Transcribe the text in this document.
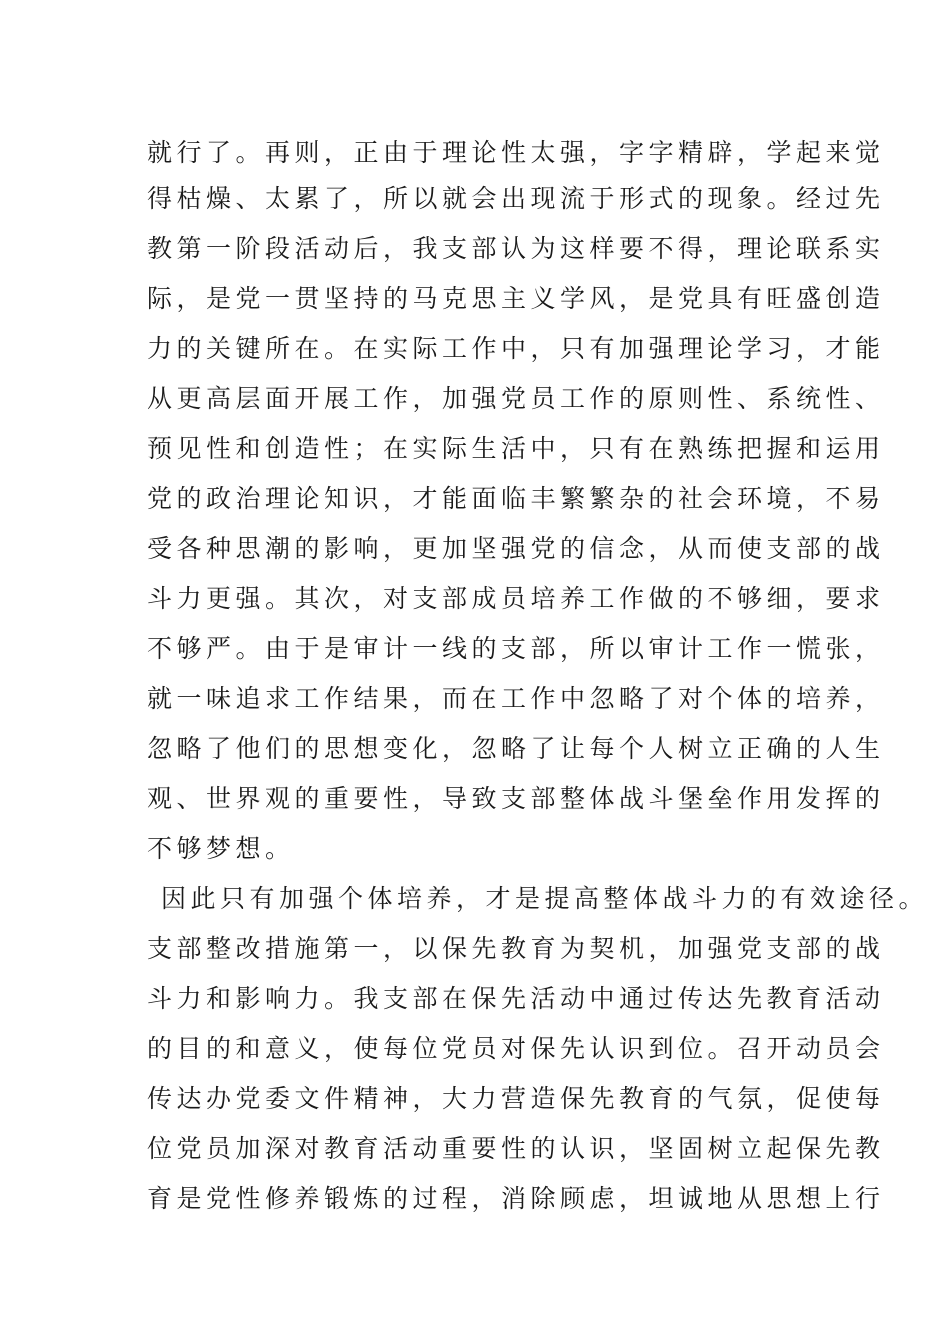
就行了。再则，正由于理论性太强，字字精辟，学起来觉
得枯燥、太累了，所以就会出现流于形式的现象。经过先
教第一阶段活动后，我支部认为这样要不得，理论联系实
际，是党一贯坚持的马克思主义学风，是党具有旺盛创造
力的关键所在。在实际工作中，只有加强理论学习，才能
从更高层面开展工作，加强党员工作的原则性、系统性、
预见性和创造性；在实际生活中，只有在熟练把握和运用
党的政治理论知识，才能面临丰繁繁杂的社会环境，不易
受各种思潮的影响，更加坚强党的信念，从而使支部的战
斗力更强。其次，对支部成员培养工作做的不够细，要求
不够严。由于是审计一线的支部，所以审计工作一慌张，
就一味追求工作结果，而在工作中忽略了对个体的培养，
忽略了他们的思想变化，忽略了让每个人树立正确的人生
观、世界观的重要性，导致支部整体战斗堡垒作用发挥的
不够梦想。
因此只有加强个体培养，才是提高整体战斗力的有效途径。
支部整改措施第一，以保先教育为契机，加强党支部的战
斗力和影响力。我支部在保先活动中通过传达先教育活动
的目的和意义，使每位党员对保先认识到位。召开动员会
传达办党委文件精神，大力营造保先教育的气氛，促使每
位党员加深对教育活动重要性的认识，坚固树立起保先教
育是党性修养锻炼的过程，消除顾虑，坦诚地从思想上行
